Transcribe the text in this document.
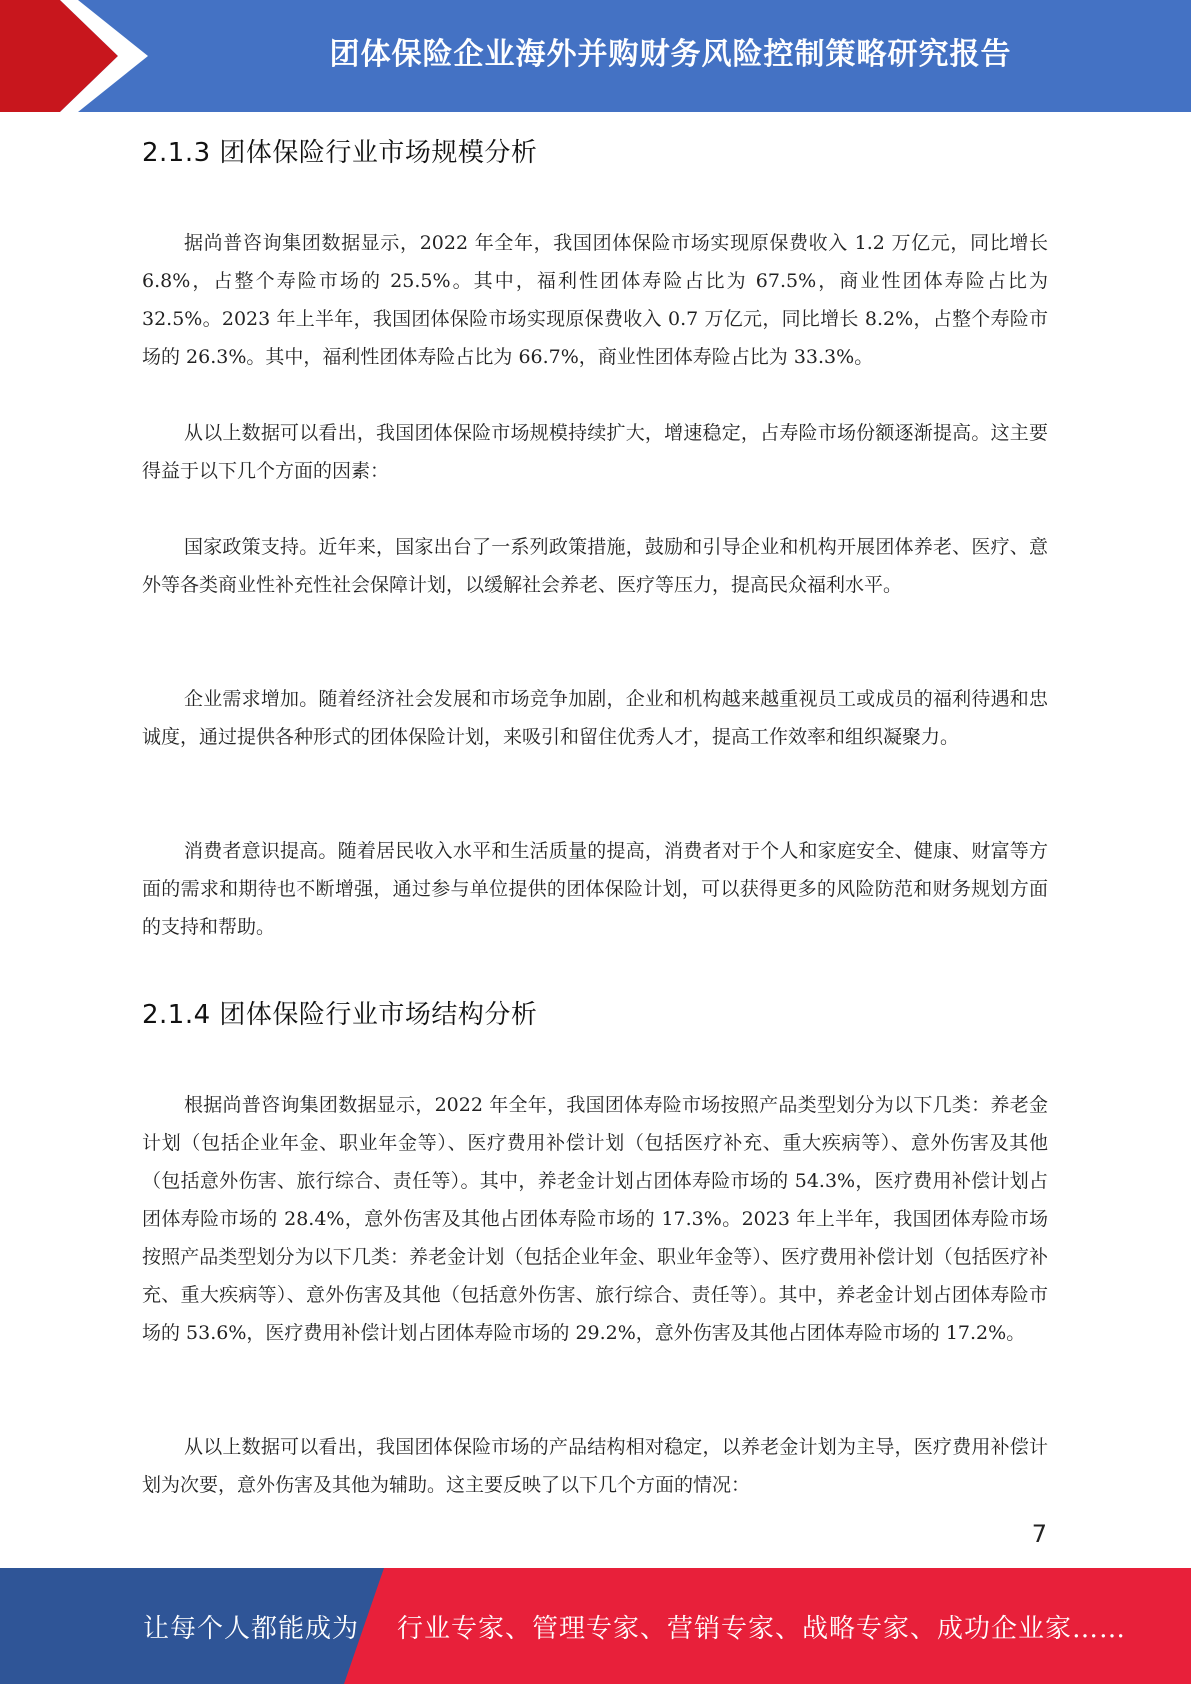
团体保险企业海外并购财务风险控制策略研究报告
2.1.3 团体保险行业市场规模分析

据尚普咨询集团数据显示，2022 年全年，我国团体保险市场实现原保费收入 1.2 万亿元，同比增长 6.8%，占整个寿险市场的 25.5%。其中，福利性团体寿险占比为 67.5%，商业性团体寿险占比为 32.5%。2023 年上半年，我国团体保险市场实现原保费收入 0.7 万亿元，同比增长 8.2%，占整个寿险市场的 26.3%。其中，福利性团体寿险占比为 66.7%，商业性团体寿险占比为 33.3%。

从以上数据可以看出，我国团体保险市场规模持续扩大，增速稳定，占寿险市场份额逐渐提高。这主要得益于以下几个方面的因素：

国家政策支持。近年来，国家出台了一系列政策措施，鼓励和引导企业和机构开展团体养老、医疗、意外等各类商业性补充性社会保障计划，以缓解社会养老、医疗等压力，提高民众福利水平。

企业需求增加。随着经济社会发展和市场竞争加剧，企业和机构越来越重视员工或成员的福利待遇和忠诚度，通过提供各种形式的团体保险计划，来吸引和留住优秀人才，提高工作效率和组织凝聚力。

消费者意识提高。随着居民收入水平和生活质量的提高，消费者对于个人和家庭安全、健康、财富等方面的需求和期待也不断增强，通过参与单位提供的团体保险计划，可以获得更多的风险防范和财务规划方面的支持和帮助。

2.1.4 团体保险行业市场结构分析

根据尚普咨询集团数据显示，2022 年全年，我国团体寿险市场按照产品类型划分为以下几类：养老金计划（包括企业年金、职业年金等）、医疗费用补偿计划（包括医疗补充、重大疾病等）、意外伤害及其他（包括意外伤害、旅行综合、责任等）。其中，养老金计划占团体寿险市场的 54.3%，医疗费用补偿计划占团体寿险市场的 28.4%，意外伤害及其他占团体寿险市场的 17.3%。2023 年上半年，我国团体寿险市场按照产品类型划分为以下几类：养老金计划（包括企业年金、职业年金等）、医疗费用补偿计划（包括医疗补充、重大疾病等）、意外伤害及其他（包括意外伤害、旅行综合、责任等）。其中，养老金计划占团体寿险市场的 53.6%，医疗费用补偿计划占团体寿险市场的 29.2%，意外伤害及其他占团体寿险市场的 17.2%。

从以上数据可以看出，我国团体保险市场的产品结构相对稳定，以养老金计划为主导，医疗费用补偿计划为次要，意外伤害及其他为辅助。这主要反映了以下几个方面的情况：

7
让每个人都能成为 行业专家、管理专家、营销专家、战略专家、成功企业家……
